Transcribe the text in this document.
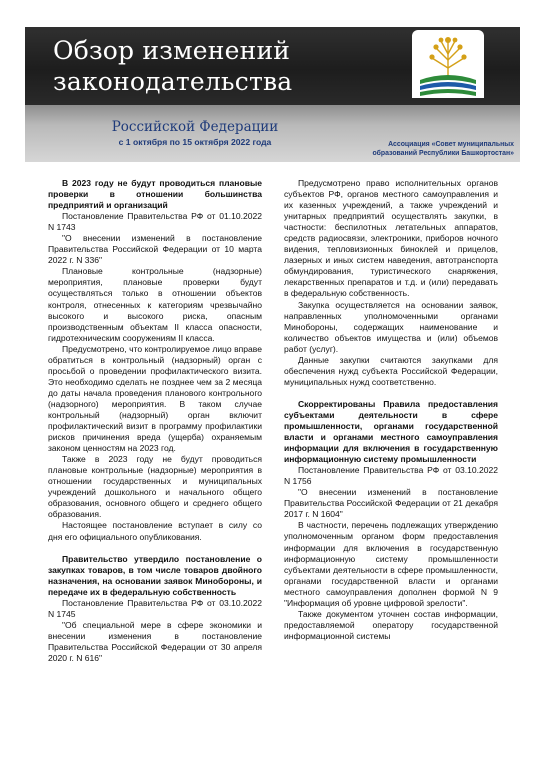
Обзор изменений
законодательства
Российской Федерации
с 1 октября по 15 октября 2022 года	Ассоциация «Совет муниципальных
образований Республики Башкортостан»

В 2023 году не будут проводиться плановые проверки в отношении большинства предприятий и организаций

Постановление Правительства РФ от 01.10.2022 N 1743

"О внесении изменений в постановление Правительства Российской Федерации от 10 марта 2022 г. N 336"

Плановые контрольные (надзорные) мероприятия, плановые проверки будут осуществляться только в отношении объектов контроля, отнесенных к категориям чрезвычайно высокого и высокого риска, опасным производственным объектам II класса опасности, гидротехническим сооружениям II класса.

Предусмотрено, что контролируемое лицо вправе обратиться в контрольный (надзорный) орган с просьбой о проведении профилактического визита. Это необходимо сделать не позднее чем за 2 месяца до даты начала проведения планового контрольного (надзорного) мероприятия. В таком случае контрольный (надзорный) орган включит профилактический визит в программу профилактики рисков причинения вреда (ущерба) охраняемым законом ценностям на 2023 год.

Также в 2023 году не будут проводиться плановые контрольные (надзорные) мероприятия в отношении государственных и муниципальных учреждений дошкольного и начального общего образования, основного общего и среднего общего образования.

Настоящее постановление вступает в силу со дня его официального опубликования.

Правительство утвердило постановление о закупках товаров, в том числе товаров двойного назначения, на основании заявок Минобороны, и передаче их в федеральную собственность

Постановление Правительства РФ от 03.10.2022 N 1745

"Об специальной мере в сфере экономики и внесении изменения в постановление Правительства Российской Федерации от 30 апреля 2020 г. N 616"

Предусмотрено право исполнительных органов субъектов РФ, органов местного самоуправления и их казенных учреждений, а также учреждений и унитарных предприятий осуществлять закупки, в частности: беспилотных летательных аппаратов, средств радиосвязи, электроники, приборов ночного видения, тепловизионных биноклей и прицелов, лазерных и иных систем наведения, автотранспорта обмундирования, туристического снаряжения, лекарственных препаратов и т.д. и (или) передавать в федеральную собственность.

Закупка осуществляется на основании заявок, направленных уполномоченными органами Минобороны, содержащих наименование и количество объектов имущества и (или) объемов работ (услуг).

Данные закупки считаются закупками для обеспечения нужд субъекта Российской Федерации, муниципальных нужд соответственно.

Скорректированы Правила предоставления субъектами деятельности в сфере промышленности, органами государственной власти и органами местного самоуправления информации для включения в государственную информационную систему промышленности

Постановление Правительства РФ от 03.10.2022 N 1756

"О внесении изменений в постановление Правительства Российской Федерации от 21 декабря 2017 г. N 1604"

В частности, перечень подлежащих утверждению уполномоченным органом форм предоставления информации для включения в государственную информационную систему промышленности субъектами деятельности в сфере промышленности, органами государственной власти и органами местного самоуправления дополнен формой N 9 "Информация об уровне цифровой зрелости".

Также документом уточнен состав информации, предоставляемой оператору государственной информационной системы
